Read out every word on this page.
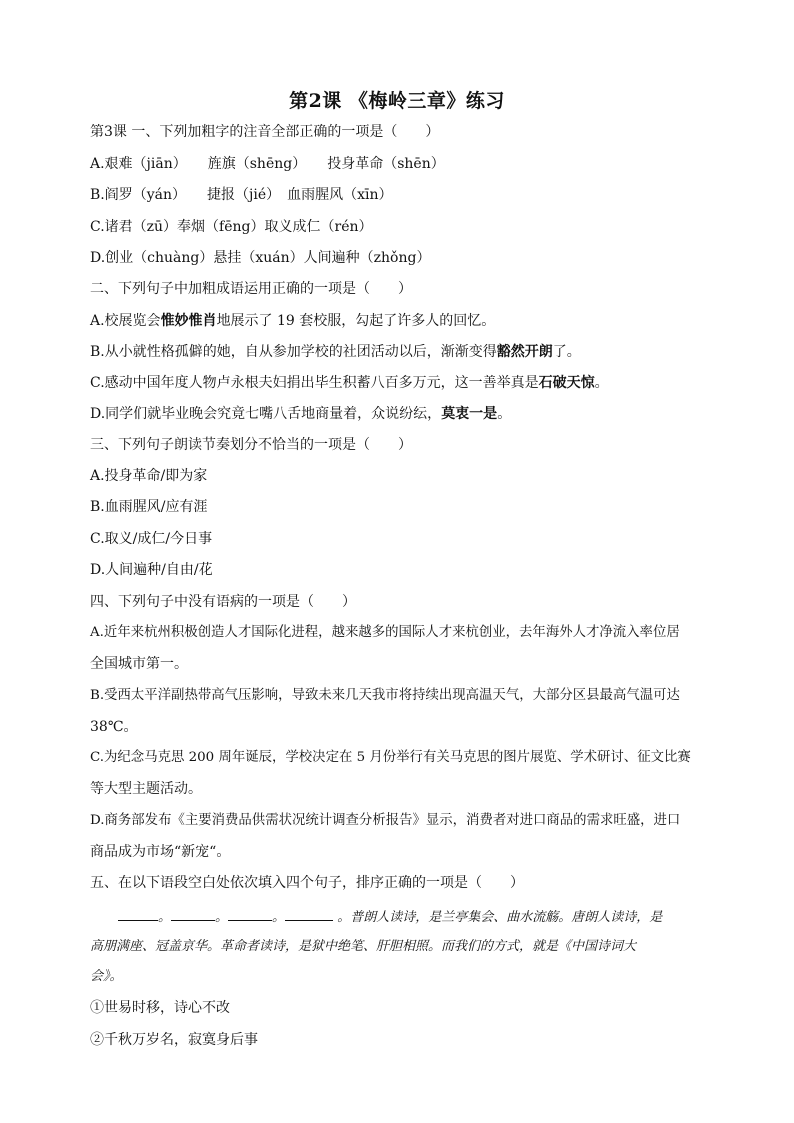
第2课 《梅岭三章》练习
第3课 一、下列加粗字的注音全部正确的一项是（　　）
A.艰难（jiān）　　旌旗（shēng）　　投身革命（shēn）
B.阎罗（yán）　　捷报（jié）　血雨腥风（xīn）
C.诸君（zū）奉烟（fēng）取义成仁（rén）
D.创业（chuàng）悬挂（xuán）人间遍种（zhǒng）
二、下列句子中加粗成语运用正确的一项是（　　）
A.校展览会惟妙惟肖地展示了 19 套校服，勾起了许多人的回忆。
B.从小就性格孤僻的她，自从参加学校的社团活动以后，渐渐变得豁然开朗了。
C.感动中国年度人物卢永根夫妇捐出毕生积蓄八百多万元，这一善举真是石破天惊。
D.同学们就毕业晚会究竟七嘴八舌地商量着，众说纷纭，莫衷一是。
三、下列句子朗读节奏划分不恰当的一项是（　　）
A.投身革命/即为家
B.血雨腥风/应有涯
C.取义/成仁/今日事
D.人间遍种/自由/花
四、下列句子中没有语病的一项是（　　）
A.近年来杭州积极创造人才国际化进程，越来越多的国际人才来杭创业，去年海外人才净流入率位居
全国城市第一。
B.受西太平洋副热带高气压影响，导致未来几天我市将持续出现高温天气，大部分区县最高气温可达
38℃。
C.为纪念马克思 200 周年诞辰，学校决定在 5 月份举行有关马克思的图片展览、学术研讨、征文比赛
等大型主题活动。
D.商务部发布《主要消费品供需状况统计调查分析报告》显示，消费者对进口商品的需求旺盛，进口
商品成为市场“新宠“。
五、在以下语段空白处依次填入四个句子，排序正确的一项是（　　）
。	。	。	。普朗人读诗，是兰亭集会、曲水流觞。唐朗人读诗，是
高朋满座、冠盖京华。革命者读诗，是狱中绝笔、肝胆相照。而我们的方式，就是《中国诗词大
会》。
①世易时移，诗心不改
②千秋万岁名，寂寞身后事
